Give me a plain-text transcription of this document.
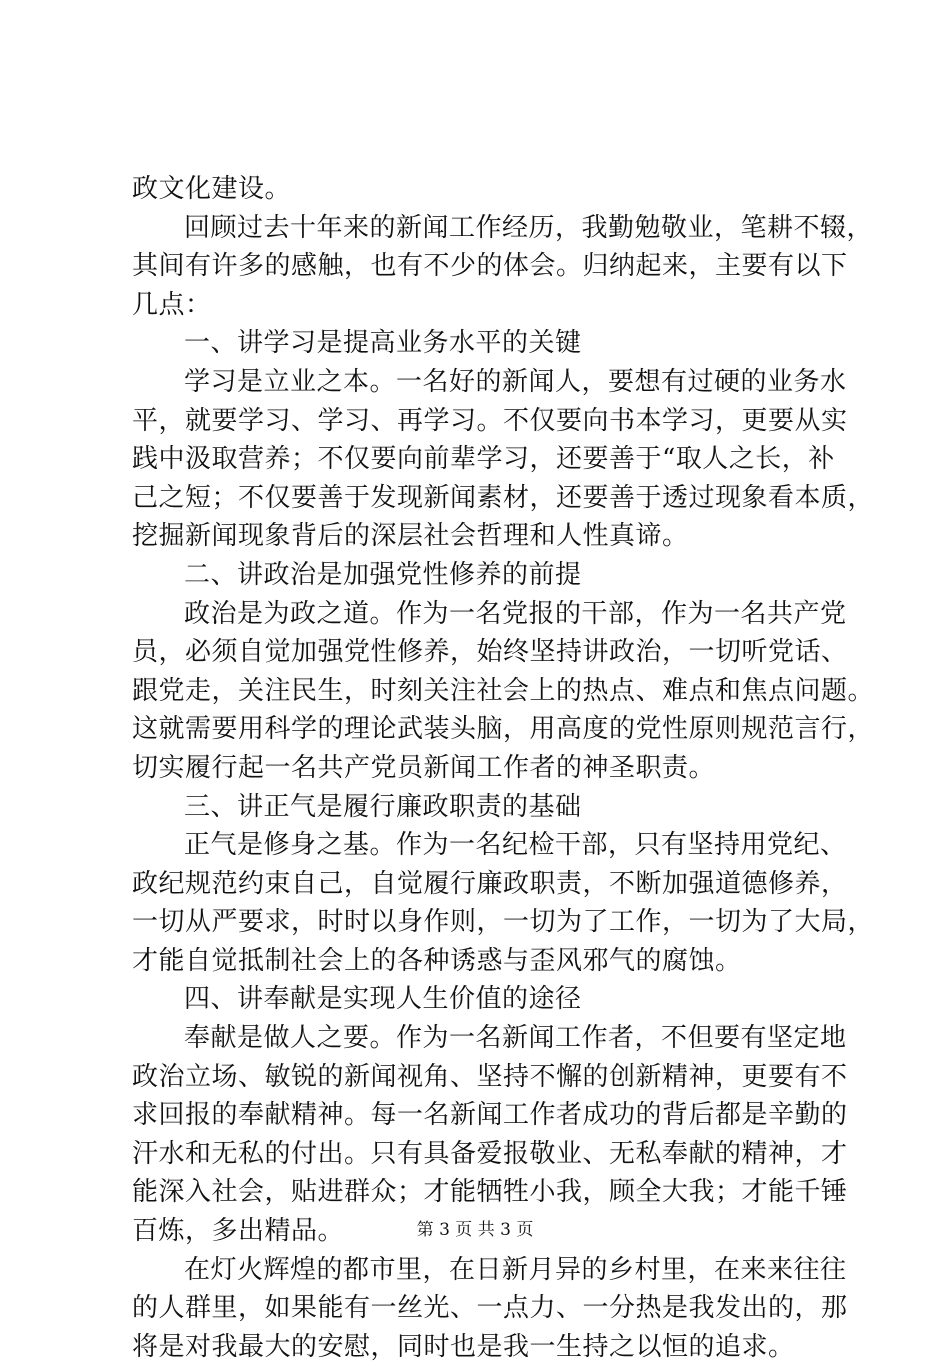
政文化建设。
回顾过去十年来的新闻工作经历，我勤勉敬业，笔耕不辍，
其间有许多的感触，也有不少的体会。归纳起来，主要有以下
几点：
一、讲学习是提高业务水平的关键
学习是立业之本。一名好的新闻人，要想有过硬的业务水
平，就要学习、学习、再学习。不仅要向书本学习，更要从实
践中汲取营养；不仅要向前辈学习，还要善于“取人之长，补
己之短；不仅要善于发现新闻素材，还要善于透过现象看本质，
挖掘新闻现象背后的深层社会哲理和人性真谛。
二、讲政治是加强党性修养的前提
政治是为政之道。作为一名党报的干部，作为一名共产党
员，必须自觉加强党性修养，始终坚持讲政治，一切听党话、
跟党走，关注民生，时刻关注社会上的热点、难点和焦点问题。
这就需要用科学的理论武装头脑，用高度的党性原则规范言行，
切实履行起一名共产党员新闻工作者的神圣职责。
三、讲正气是履行廉政职责的基础
正气是修身之基。作为一名纪检干部，只有坚持用党纪、
政纪规范约束自己，自觉履行廉政职责，不断加强道德修养，
一切从严要求，时时以身作则，一切为了工作，一切为了大局，
才能自觉抵制社会上的各种诱惑与歪风邪气的腐蚀。
四、讲奉献是实现人生价值的途径
奉献是做人之要。作为一名新闻工作者，不但要有坚定地
政治立场、敏锐的新闻视角、坚持不懈的创新精神，更要有不
求回报的奉献精神。每一名新闻工作者成功的背后都是辛勤的
汗水和无私的付出。只有具备爱报敬业、无私奉献的精神，才
能深入社会，贴进群众；才能牺牲小我，顾全大我；才能千锤
百炼，多出精品。
在灯火辉煌的都市里，在日新月异的乡村里，在来来往往
的人群里，如果能有一丝光、一点力、一分热是我发出的，那
将是对我最大的安慰，同时也是我一生持之以恒的追求。
第 3 页 共 3 页
